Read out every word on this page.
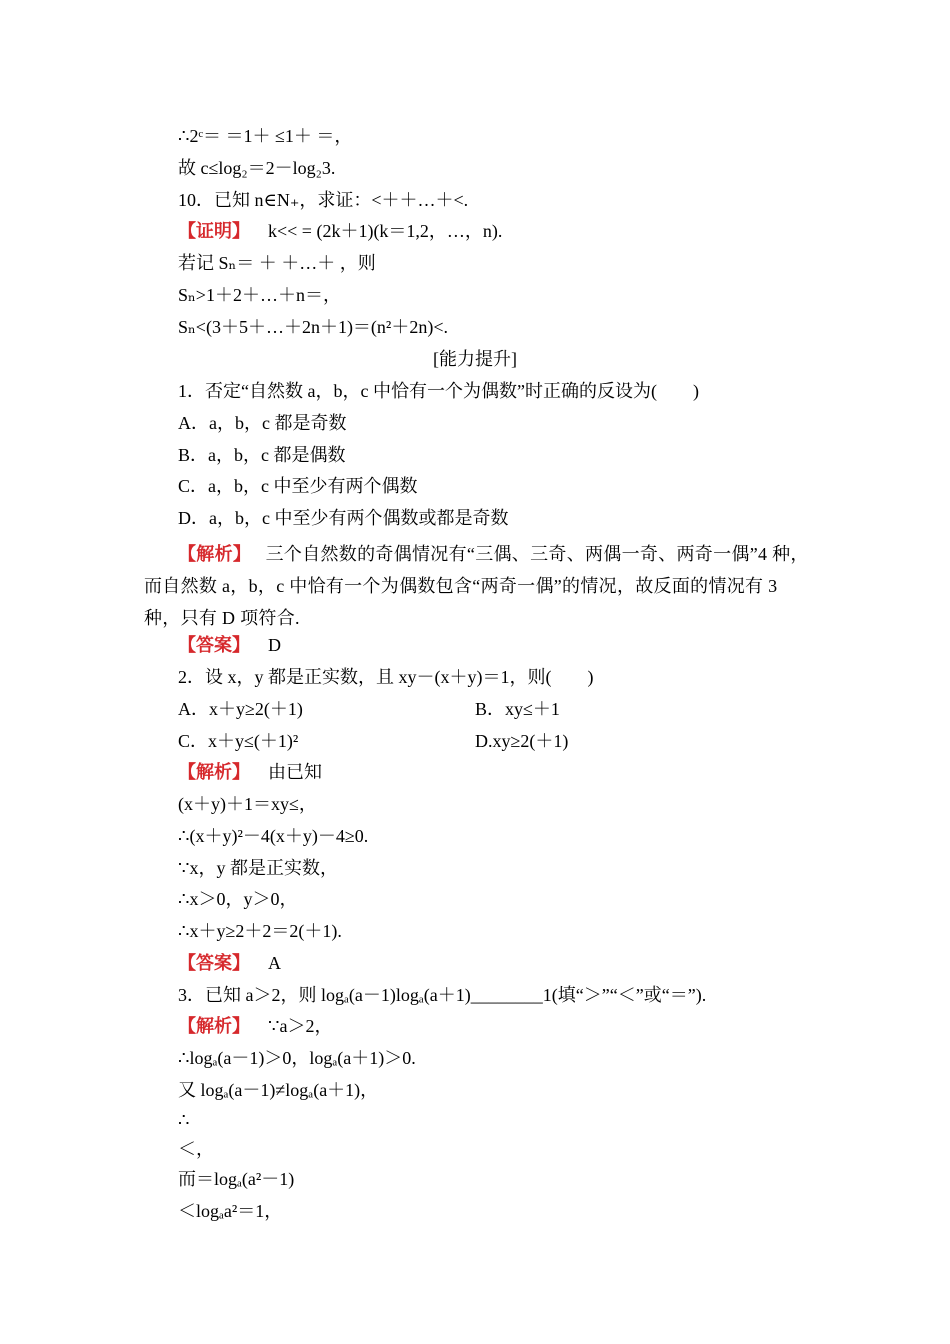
∴2ᶜ＝ ＝1＋ ≤1＋ ＝，
故 c≤log₂＝2－log₂3.
10．已知 n∈N₊，求证：<＋＋…＋<.
【证明】 k<< = (2k＋1)(k＝1,2，…，n).
若记 Sₙ＝ ＋ ＋…＋ ，则
Sₙ>1＋2＋…＋n＝，
Sₙ<(3＋5＋…＋2n＋1)＝(n²＋2n)<.
[能力提升]
1．否定“自然数 a，b，c 中恰有一个为偶数”时正确的反设为(　　)
A．a，b，c 都是奇数
B．a，b，c 都是偶数
C．a，b，c 中至少有两个偶数
D．a，b，c 中至少有两个偶数或都是奇数
【解析】 三个自然数的奇偶情况有“三偶、三奇、两偶一奇、两奇一偶”4 种，而自然数 a，b，c 中恰有一个为偶数包含“两奇一偶”的情况，故反面的情况有 3 种，只有 D 项符合.
【答案】 D
2．设 x，y 都是正实数，且 xy－(x＋y)＝1，则(　　)
A．x＋y≥2(＋1)	B．xy≤＋1
C．x＋y≤(＋1)²	D.xy≥2(＋1)
【解析】 由已知
(x＋y)＋1＝xy≤，
∴(x＋y)²－4(x＋y)－4≥0.
∵x，y 都是正实数，
∴x＞0，y＞0，
∴x＋y≥2＋2＝2(＋1).
【答案】 A
3．已知 a＞2，则 logₐ(a－1)logₐ(a＋1)________1(填“＞”“＜”或“＝”).
【解析】 ∵a＞2，
∴logₐ(a－1)＞0，logₐ(a＋1)＞0.
又 logₐ(a－1)≠logₐ(a＋1)，
∴
＜，
而＝logₐ(a²－1)
＜logₐa²＝1，
